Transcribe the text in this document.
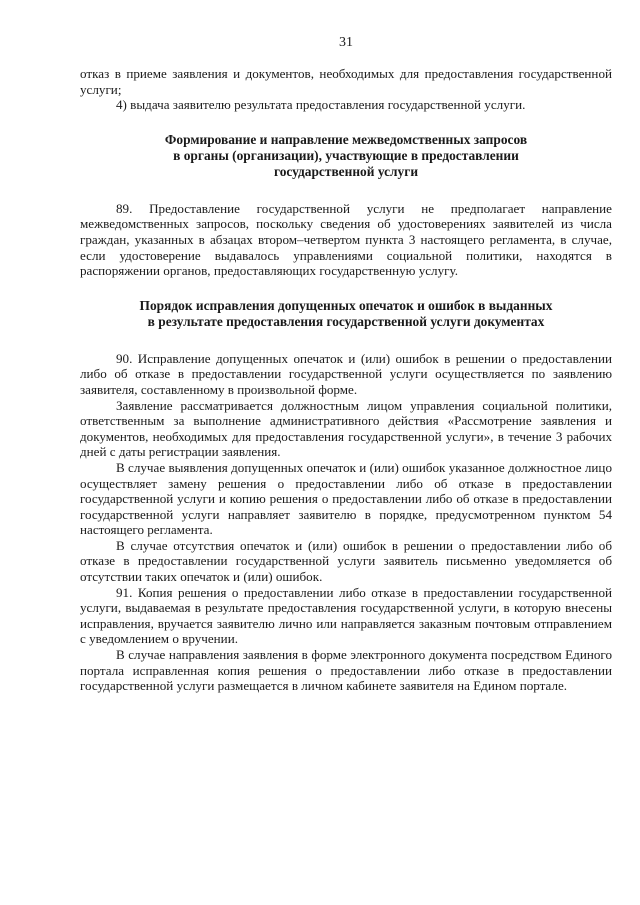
31

отказ в приеме заявления и документов, необходимых для предоставления государственной услуги;

4) выдача заявителю результата предоставления государственной услуги.

Формирование и направление межведомственных запросов
в органы (организации), участвующие в предоставлении
государственной услуги

89. Предоставление государственной услуги не предполагает направление межведомственных запросов, поскольку сведения об удостоверениях заявителей из числа граждан, указанных в абзацах втором–четвертом пункта 3 настоящего регламента, в случае, если удостоверение выдавалось управлениями социальной политики, находятся в распоряжении органов, предоставляющих государственную услугу.

Порядок исправления допущенных опечаток и ошибок в выданных
в результате предоставления государственной услуги документах

90. Исправление допущенных опечаток и (или) ошибок в решении о предоставлении либо об отказе в предоставлении государственной услуги осуществляется по заявлению заявителя, составленному в произвольной форме.

Заявление рассматривается должностным лицом управления социальной политики, ответственным за выполнение административного действия «Рассмотрение заявления и документов, необходимых для предоставления государственной услуги», в течение 3 рабочих дней с даты регистрации заявления.

В случае выявления допущенных опечаток и (или) ошибок указанное должностное лицо осуществляет замену решения о предоставлении либо об отказе в предоставлении государственной услуги и копию решения о предоставлении либо об отказе в предоставлении государственной услуги направляет заявителю в порядке, предусмотренном пунктом 54 настоящего регламента.

В случае отсутствия опечаток и (или) ошибок в решении о предоставлении либо об отказе в предоставлении государственной услуги заявитель письменно уведомляется об отсутствии таких опечаток и (или) ошибок.

91. Копия решения о предоставлении либо отказе в предоставлении государственной услуги, выдаваемая в результате предоставления государственной услуги, в которую внесены исправления, вручается заявителю лично или направляется заказным почтовым отправлением с уведомлением о вручении.

В случае направления заявления в форме электронного документа посредством Единого портала исправленная копия решения о предоставлении либо отказе в предоставлении государственной услуги размещается в личном кабинете заявителя на Едином портале.
